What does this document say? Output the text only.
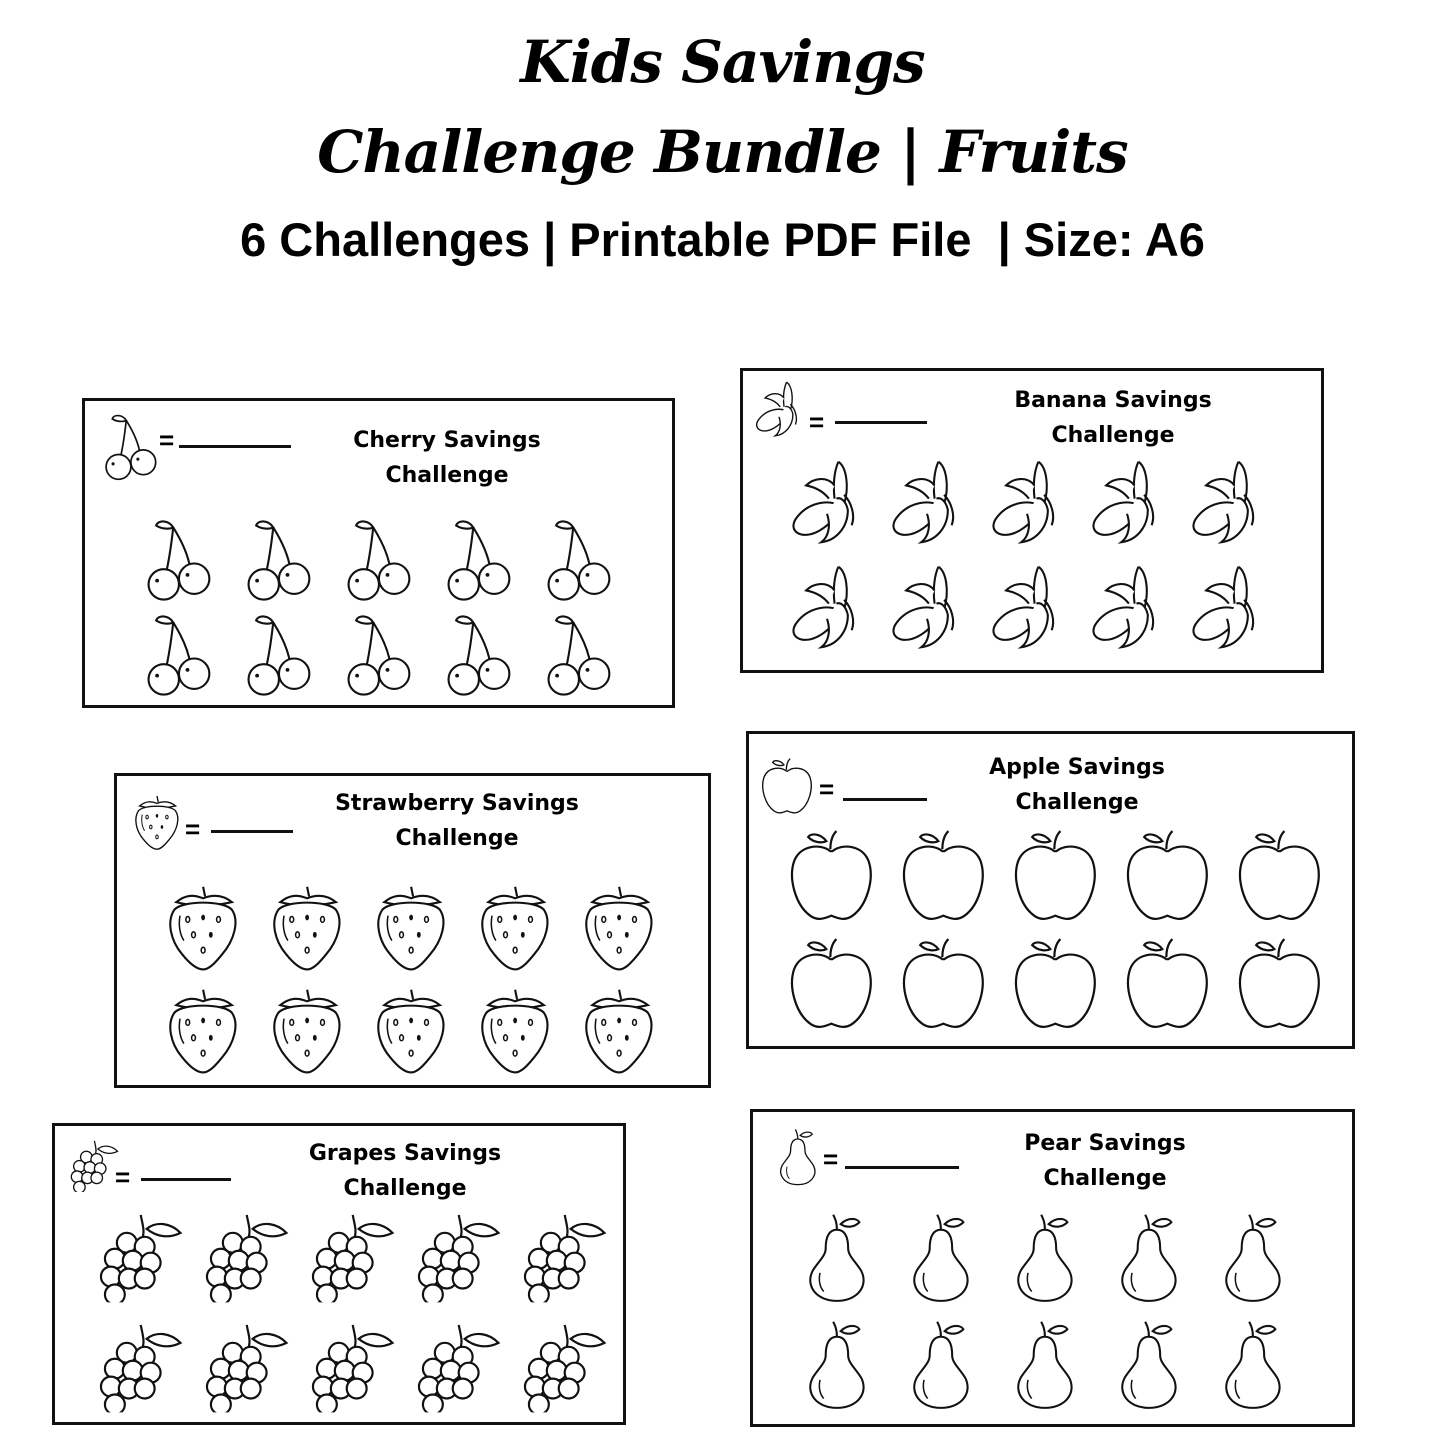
Kids Savings
Challenge Bundle | Fruits
6 Challenges | Printable PDF File  | Size: A6
=	Cherry Savings
Challenge
=
Banana Savings
Challenge
=
Strawberry Savings
Challenge
=
Apple Savings
Challenge
=
Grapes Savings
Challenge
=
Pear Savings
Challenge
